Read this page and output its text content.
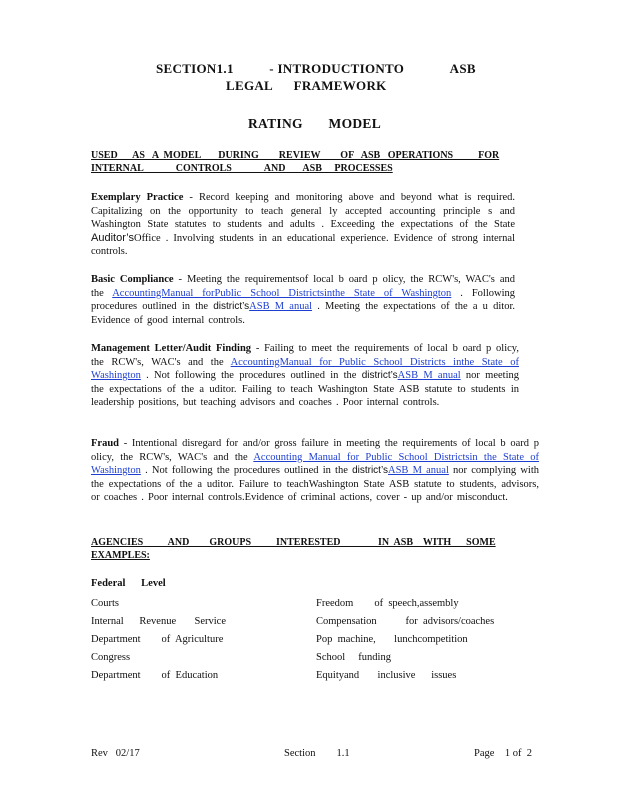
SECTION1.1          - INTRODUCTIONTO             ASB
LEGAL      FRAMEWORK
RATING       MODEL
USED      AS   A  MODEL       DURING        REVIEW        OF   ASB   OPERATIONS          FOR
INTERNAL             CONTROLS             AND       ASB     PROCESSES
Exemplary Practice - Record keeping and monitoring above and beyond what is required. Capitalizing on the opportunity to teach general ly accepted accounting principle s and Washington State statutes to students and adults . Exceeding the expectations of the State Auditor’sOffice . Involving students in an educational experience. Evidence of strong internal controls.
Basic Compliance - Meeting the requirementsof local b oard p olicy, the RCW's, WAC's and the AccountingManual forPublic School Districtsinthe State of Washington . Following procedures outlined in the district’sASB M anual . Meeting the expectations of the a u ditor. Evidence of good internal controls.
Management Letter/Audit Finding - Failing to meet the requirements of local b oard p olicy, the RCW's, WAC's and the AccountingManual for Public School Districts inthe State of Washington . Not following the procedures outlined in the district’sASB M anual nor meeting the expectations of the a uditor. Failing to teach Washington State ASB statute to students in leadership positions, but teaching advisors and coaches . Poor internal controls.
Fraud - Intentional disregard for and/or gross failure in meeting the requirements of local b oard p olicy, the RCW's, WAC's and the Accounting Manual for Public School Districtsin the State of Washington . Not following the procedures outlined in the district’sASB M anual nor complying with the expectations of the a uditor. Failure to teachWashington State ASB statute to students, advisors, or coaches . Poor internal controls.Evidence of criminal actions, cover - up and/or misconduct.
AGENCIES          AND        GROUPS          INTERESTED               IN  ASB    WITH      SOME
EXAMPLES:
Federal      Level
Courts
Internal      Revenue       Service
Department        of  Agriculture
Congress
Department        of  Education
Freedom        of  speech,assembly
Compensation           for  advisors/coaches
Pop  machine,       lunchcompetition
School     funding
Equityand       inclusive      issues
Rev   02/17	Section        1.1	Page    1 of  2
